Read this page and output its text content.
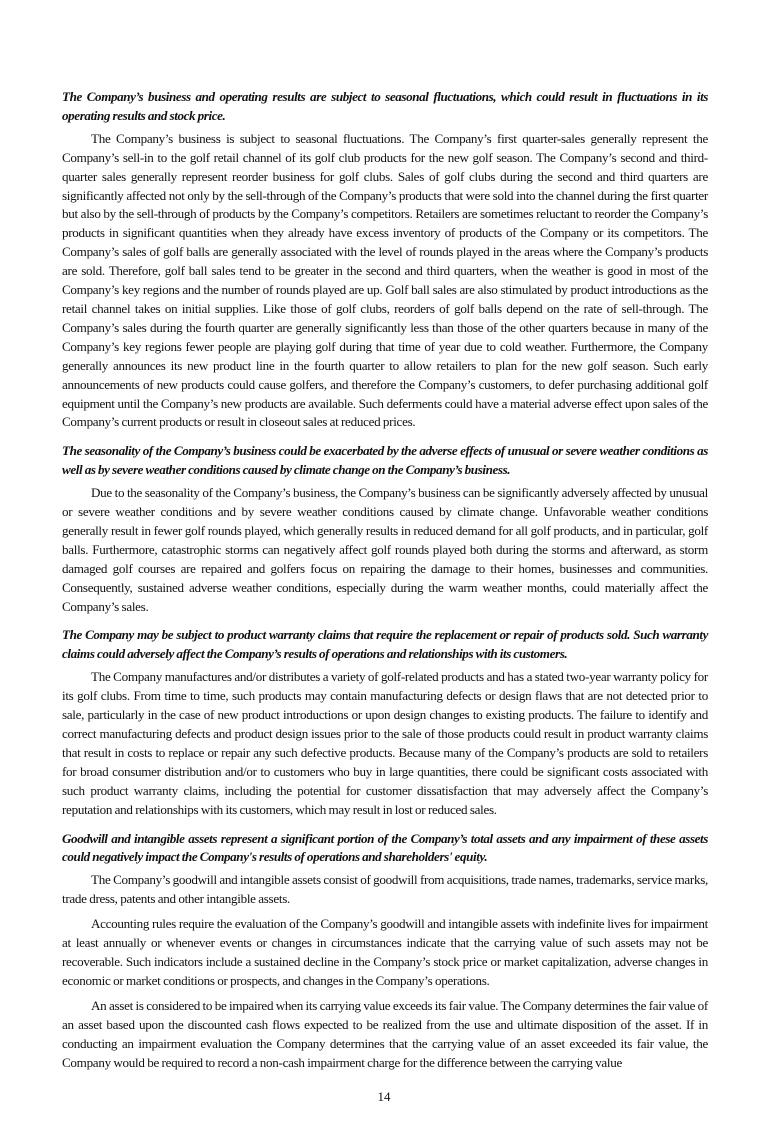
The Company’s business and operating results are subject to seasonal fluctuations, which could result in fluctuations in its operating results and stock price.

The Company’s business is subject to seasonal fluctuations. The Company’s first quarter-sales generally represent the Company’s sell-in to the golf retail channel of its golf club products for the new golf season. The Company’s second and third-quarter sales generally represent reorder business for golf clubs. Sales of golf clubs during the second and third quarters are significantly affected not only by the sell-through of the Company’s products that were sold into the channel during the first quarter but also by the sell-through of products by the Company’s competitors. Retailers are sometimes reluctant to reorder the Company’s products in significant quantities when they already have excess inventory of products of the Company or its competitors. The Company’s sales of golf balls are generally associated with the level of rounds played in the areas where the Company’s products are sold. Therefore, golf ball sales tend to be greater in the second and third quarters, when the weather is good in most of the Company’s key regions and the number of rounds played are up. Golf ball sales are also stimulated by product introductions as the retail channel takes on initial supplies. Like those of golf clubs, reorders of golf balls depend on the rate of sell-through. The Company’s sales during the fourth quarter are generally significantly less than those of the other quarters because in many of the Company’s key regions fewer people are playing golf during that time of year due to cold weather. Furthermore, the Company generally announces its new product line in the fourth quarter to allow retailers to plan for the new golf season. Such early announcements of new products could cause golfers, and therefore the Company’s customers, to defer purchasing additional golf equipment until the Company’s new products are available. Such deferments could have a material adverse effect upon sales of the Company’s current products or result in closeout sales at reduced prices.

The seasonality of the Company’s business could be exacerbated by the adverse effects of unusual or severe weather conditions as well as by severe weather conditions caused by climate change on the Company’s business.

Due to the seasonality of the Company’s business, the Company’s business can be significantly adversely affected by unusual or severe weather conditions and by severe weather conditions caused by climate change. Unfavorable weather conditions generally result in fewer golf rounds played, which generally results in reduced demand for all golf products, and in particular, golf balls. Furthermore, catastrophic storms can negatively affect golf rounds played both during the storms and afterward, as storm damaged golf courses are repaired and golfers focus on repairing the damage to their homes, businesses and communities. Consequently, sustained adverse weather conditions, especially during the warm weather months, could materially affect the Company’s sales.

The Company may be subject to product warranty claims that require the replacement or repair of products sold. Such warranty claims could adversely affect the Company’s results of operations and relationships with its customers.

The Company manufactures and/or distributes a variety of golf-related products and has a stated two-year warranty policy for its golf clubs. From time to time, such products may contain manufacturing defects or design flaws that are not detected prior to sale, particularly in the case of new product introductions or upon design changes to existing products. The failure to identify and correct manufacturing defects and product design issues prior to the sale of those products could result in product warranty claims that result in costs to replace or repair any such defective products. Because many of the Company’s products are sold to retailers for broad consumer distribution and/or to customers who buy in large quantities, there could be significant costs associated with such product warranty claims, including the potential for customer dissatisfaction that may adversely affect the Company’s reputation and relationships with its customers, which may result in lost or reduced sales.

Goodwill and intangible assets represent a significant portion of the Company’s total assets and any impairment of these assets could negatively impact the Company's results of operations and shareholders' equity.

The Company’s goodwill and intangible assets consist of goodwill from acquisitions, trade names, trademarks, service marks, trade dress, patents and other intangible assets.

Accounting rules require the evaluation of the Company’s goodwill and intangible assets with indefinite lives for impairment at least annually or whenever events or changes in circumstances indicate that the carrying value of such assets may not be recoverable. Such indicators include a sustained decline in the Company’s stock price or market capitalization, adverse changes in economic or market conditions or prospects, and changes in the Company’s operations.

An asset is considered to be impaired when its carrying value exceeds its fair value. The Company determines the fair value of an asset based upon the discounted cash flows expected to be realized from the use and ultimate disposition of the asset. If in conducting an impairment evaluation the Company determines that the carrying value of an asset exceeded its fair value, the Company would be required to record a non-cash impairment charge for the difference between the carrying value

14
